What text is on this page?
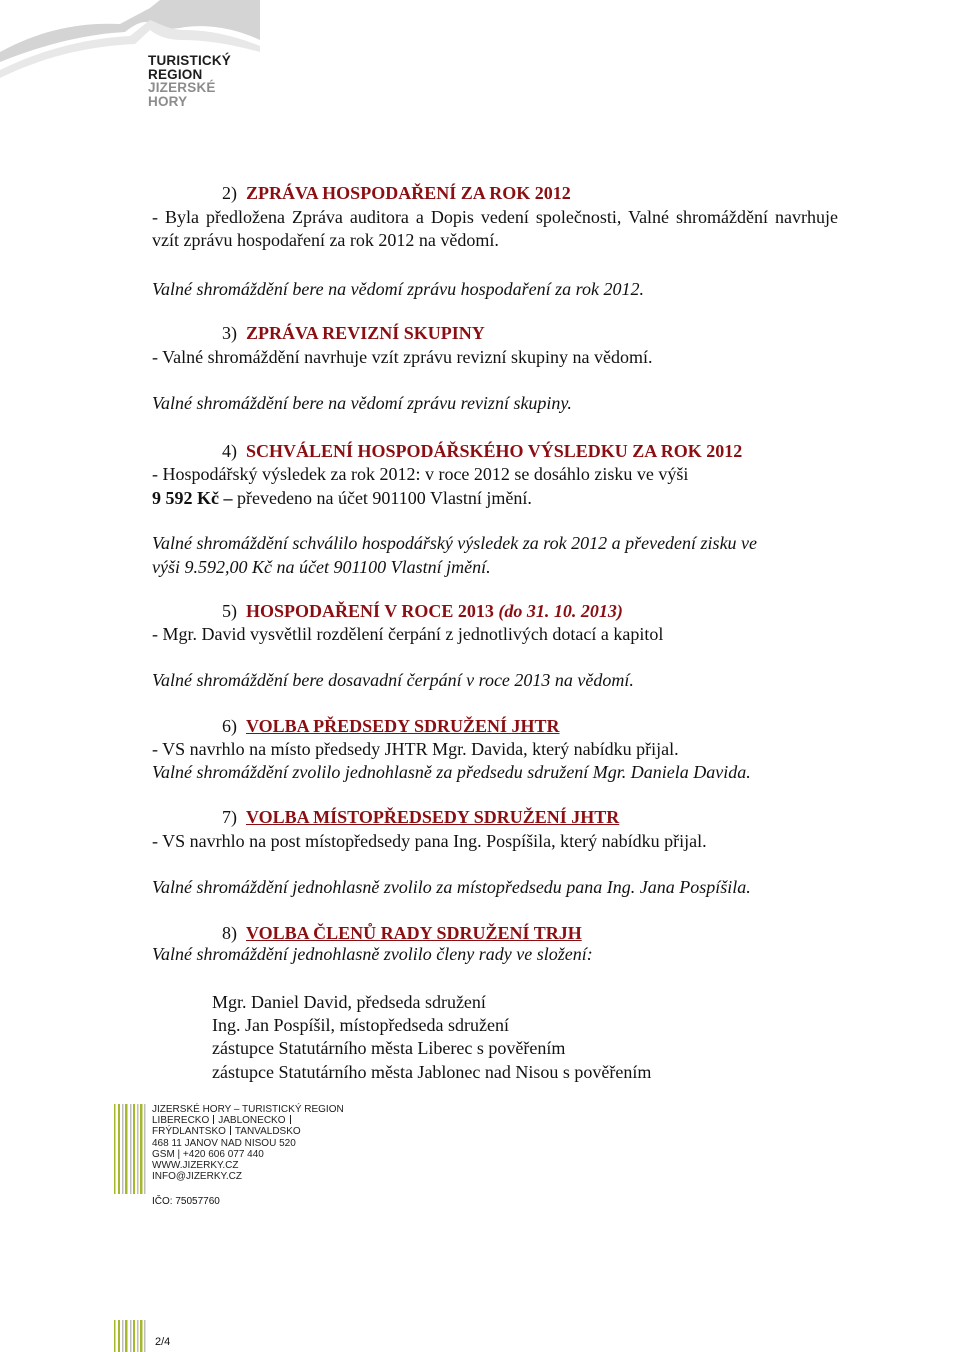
TURISTICKÝ
REGION
JIZERSKÉ
HORY
2) ZPRÁVA HOSPODAŘENÍ ZA ROK 2012
- Byla předložena Zpráva auditora a Dopis vedení společnosti, Valné shromáždění navrhuje vzít zprávu hospodaření za rok 2012 na vědomí.
Valné shromáždění bere na vědomí zprávu hospodaření za rok 2012.
3) ZPRÁVA REVIZNÍ SKUPINY
- Valné shromáždění navrhuje vzít zprávu revizní skupiny na vědomí.
Valné shromáždění bere na vědomí zprávu revizní skupiny.
4) SCHVÁLENÍ HOSPODÁŘSKÉHO VÝSLEDKU ZA ROK 2012
- Hospodářský výsledek za rok 2012: v roce 2012 se dosáhlo zisku ve výši
9 592 Kč – převedeno na účet 901100 Vlastní jmění.
Valné shromáždění schválilo hospodářský výsledek za rok 2012 a převedení zisku ve
výši 9.592,00 Kč na účet 901100 Vlastní jmění.
5) HOSPODAŘENÍ V ROCE 2013 (do 31. 10. 2013)
- Mgr. David vysvětlil rozdělení čerpání z jednotlivých dotací a kapitol
Valné shromáždění bere dosavadní čerpání v roce 2013 na vědomí.
6) VOLBA PŘEDSEDY SDRUŽENÍ JHTR
- VS navrhlo na místo předsedy JHTR Mgr. Davida, který nabídku přijal.
Valné shromáždění zvolilo jednohlasně za předsedu sdružení Mgr. Daniela Davida.
7) VOLBA MÍSTOPŘEDSEDY SDRUŽENÍ JHTR
- VS navrhlo na post místopředsedy pana Ing. Pospíšila, který nabídku přijal.
Valné shromáždění jednohlasně zvolilo za místopředsedu pana Ing. Jana Pospíšila.
8) VOLBA ČLENŮ RADY SDRUŽENÍ TRJH
Valné shromáždění jednohlasně zvolilo členy rady ve složení:
Mgr. Daniel David, předseda sdružení
Ing. Jan Pospíšil, místopředseda sdružení
zástupce Statutárního města Liberec s pověřením
zástupce Statutárního města Jablonec nad Nisou s pověřením
JIZERSKÉ HORY – TURISTICKÝ REGION
LIBERECKO JABLONECKO
FRÝDLANTSKO TANVALDSKO
468 11 JANOV NAD NISOU 520
GSM | +420 606 077 440
WWW.JIZERKY.CZ
INFO@JIZERKY.CZ
IČO: 75057760
2/4
